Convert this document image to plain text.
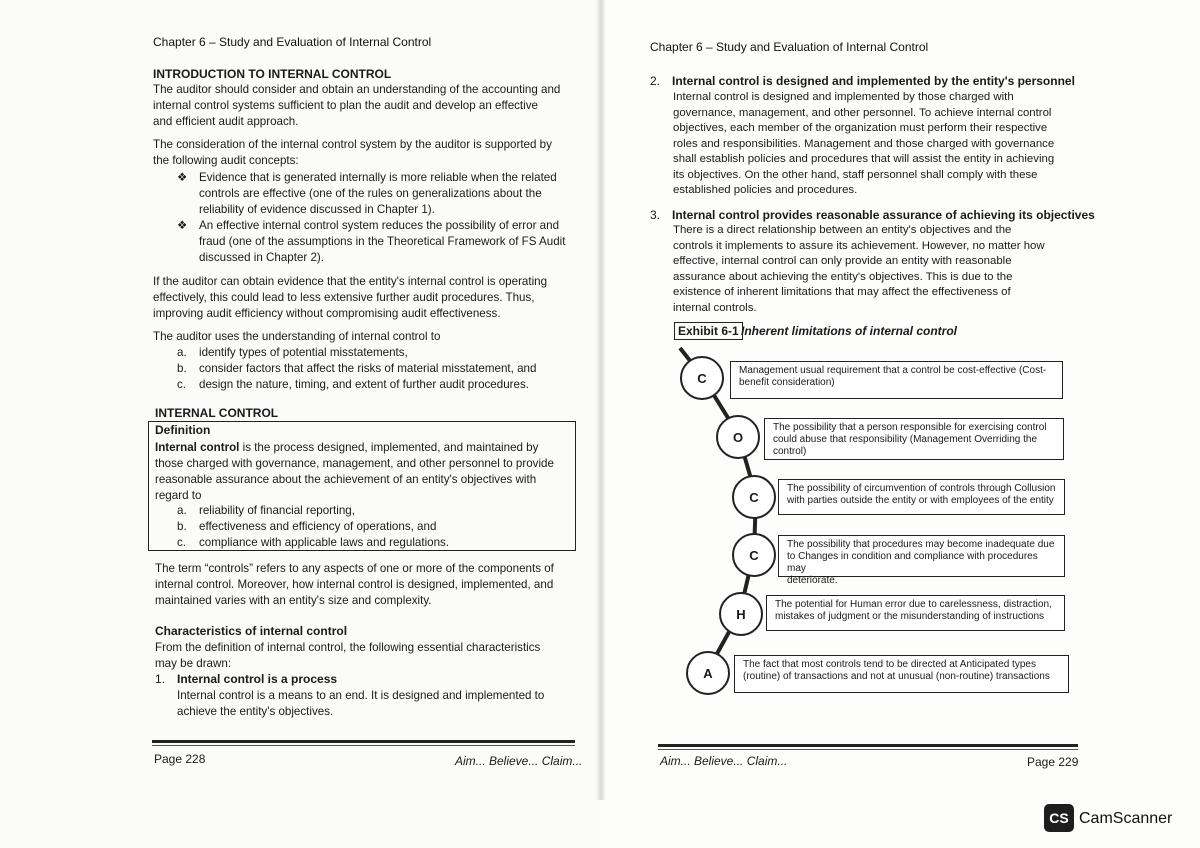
Chapter 6 – Study and Evaluation of Internal Control
INTRODUCTION TO INTERNAL CONTROL
The auditor should consider and obtain an understanding of the accounting and
internal control systems sufficient to plan the audit and develop an effective
and efficient audit approach.
The consideration of the internal control system by the auditor is supported by
the following audit concepts:
❖ Evidence that is generated internally is more reliable when the related
controls are effective (one of the rules on generalizations about the
reliability of evidence discussed in Chapter 1).
❖ An effective internal control system reduces the possibility of error and
fraud (one of the assumptions in the Theoretical Framework of FS Audit
discussed in Chapter 2).
If the auditor can obtain evidence that the entity's internal control is operating
effectively, this could lead to less extensive further audit procedures. Thus,
improving audit efficiency without compromising audit effectiveness.
The auditor uses the understanding of internal control to
a.	identify types of potential misstatements,
b.	consider factors that affect the risks of material misstatement, and
c.	design the nature, timing, and extent of further audit procedures.
INTERNAL CONTROL
Definition
Internal control is the process designed, implemented, and maintained by
those charged with governance, management, and other personnel to provide
reasonable assurance about the achievement of an entity's objectives with
regard to
a.	reliability of financial reporting,
b.	effectiveness and efficiency of operations, and
c.	compliance with applicable laws and regulations.
The term “controls” refers to any aspects of one or more of the components of
internal control. Moreover, how internal control is designed, implemented, and
maintained varies with an entity's size and complexity.
Characteristics of internal control
From the definition of internal control, the following essential characteristics
may be drawn:
1. Internal control is a process
Internal control is a means to an end. It is designed and implemented to
achieve the entity's objectives.
Page 228	Aim... Believe... Claim...
Chapter 6 – Study and Evaluation of Internal Control
2. Internal control is designed and implemented by the entity's personnel
Internal control is designed and implemented by those charged with
governance, management, and other personnel. To achieve internal control
objectives, each member of the organization must perform their respective
roles and responsibilities. Management and those charged with governance
shall establish policies and procedures that will assist the entity in achieving
its objectives. On the other hand, staff personnel shall comply with these
established policies and procedures.
3. Internal control provides reasonable assurance of achieving its objectives
There is a direct relationship between an entity's objectives and the
controls it implements to assure its achievement. However, no matter how
effective, internal control can only provide an entity with reasonable
assurance about achieving the entity's objectives. This is due to the
existence of inherent limitations that may affect the effectiveness of
internal controls.
Exhibit 6-1 Inherent limitations of internal control
Management usual requirement that a control be cost-effective (Cost-
benefit consideration)
C
The possibility that a person responsible for exercising control
could abuse that responsibility (Management Overriding the
control)
O
The possibility of circumvention of controls through Collusion
with parties outside the entity or with employees of the entity
C
The possibility that procedures may become inadequate due
to Changes in condition and compliance with procedures may
deteriorate.
C
The potential for Human error due to carelessness, distraction,
mistakes of judgment or the misunderstanding of instructions
H
The fact that most controls tend to be directed at Anticipated types
(routine) of transactions and not at unusual (non-routine) transactions
A
Aim... Believe... Claim...	Page 229
CS CamScanner
